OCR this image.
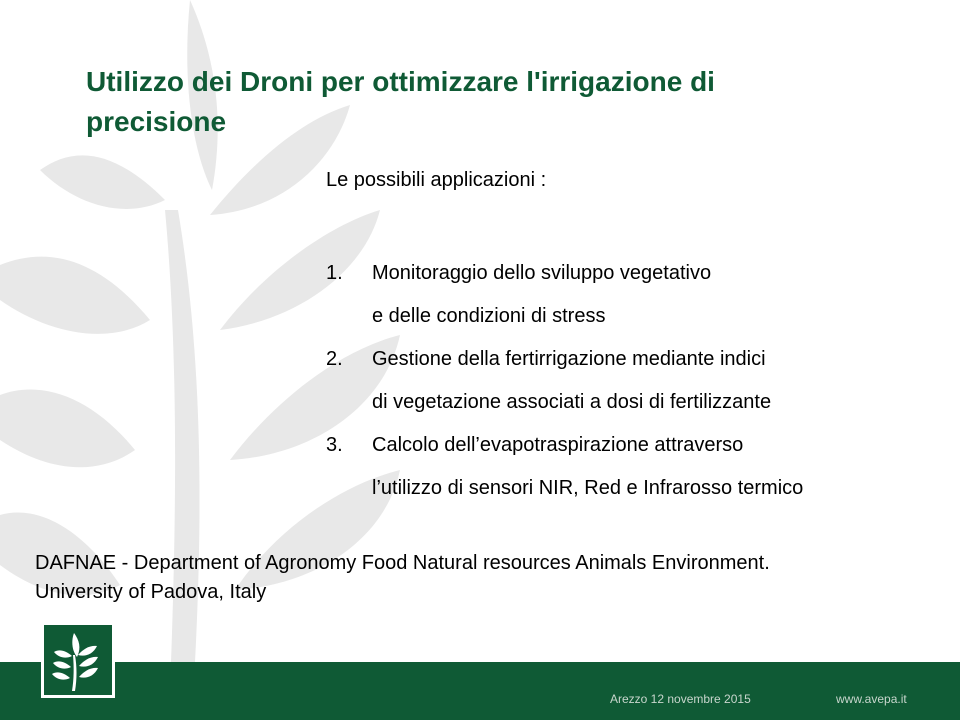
Utilizzo dei Droni per ottimizzare l'irrigazione di precisione
Le possibili applicazioni :
1.	Monitoraggio dello sviluppo vegetativo
e delle condizioni di stress
2.	Gestione della fertirrigazione mediante indici
di vegetazione associati a dosi di fertilizzante
3.	Calcolo dell’evapotraspirazione attraverso
l’utilizzo di sensori NIR, Red e Infrarosso termico
DAFNAE - Department of Agronomy Food Natural resources Animals Environment.
University of Padova, Italy
Arezzo 12 novembre 2015	www.avepa.it
